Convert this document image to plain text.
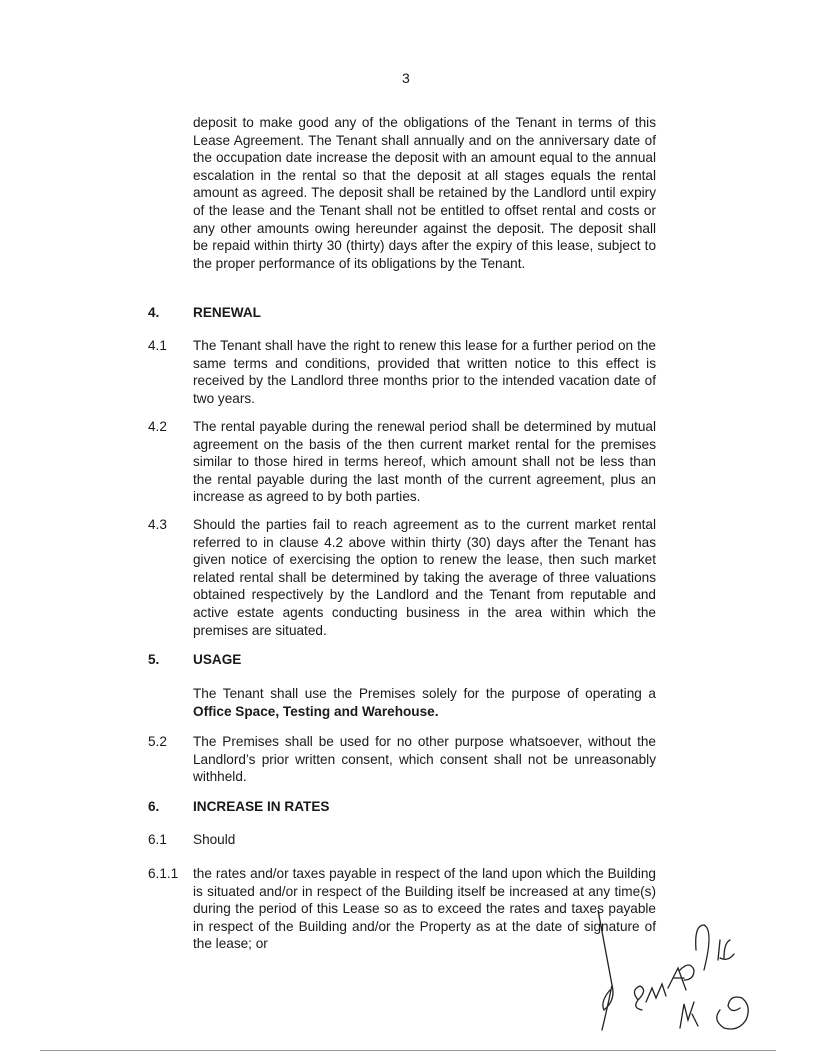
3
deposit to make good any of the obligations of the Tenant in terms of this Lease Agreement. The Tenant shall annually and on the anniversary date of the occupation date increase the deposit with an amount equal to the annual escalation in the rental so that the deposit at all stages equals the rental amount as agreed. The deposit shall be retained by the Landlord until expiry of the lease and the Tenant shall not be entitled to offset rental and costs or any other amounts owing hereunder against the deposit. The deposit shall be repaid within thirty 30 (thirty) days after the expiry of this lease, subject to the proper performance of its obligations by the Tenant.
4. RENEWAL
4.1 The Tenant shall have the right to renew this lease for a further period on the same terms and conditions, provided that written notice to this effect is received by the Landlord three months prior to the intended vacation date of two years.
4.2 The rental payable during the renewal period shall be determined by mutual agreement on the basis of the then current market rental for the premises similar to those hired in terms hereof, which amount shall not be less than the rental payable during the last month of the current agreement, plus an increase as agreed to by both parties.
4.3 Should the parties fail to reach agreement as to the current market rental referred to in clause 4.2 above within thirty (30) days after the Tenant has given notice of exercising the option to renew the lease, then such market related rental shall be determined by taking the average of three valuations obtained respectively by the Landlord and the Tenant from reputable and active estate agents conducting business in the area within which the premises are situated.
5. USAGE
The Tenant shall use the Premises solely for the purpose of operating a Office Space, Testing and Warehouse.
5.2 The Premises shall be used for no other purpose whatsoever, without the Landlord’s prior written consent, which consent shall not be unreasonably withheld.
6. INCREASE IN RATES
6.1 Should
6.1.1 the rates and/or taxes payable in respect of the land upon which the Building is situated and/or in respect of the Building itself be increased at any time(s) during the period of this Lease so as to exceed the rates and taxes payable in respect of the Building and/or the Property as at the date of signature of the lease; or
